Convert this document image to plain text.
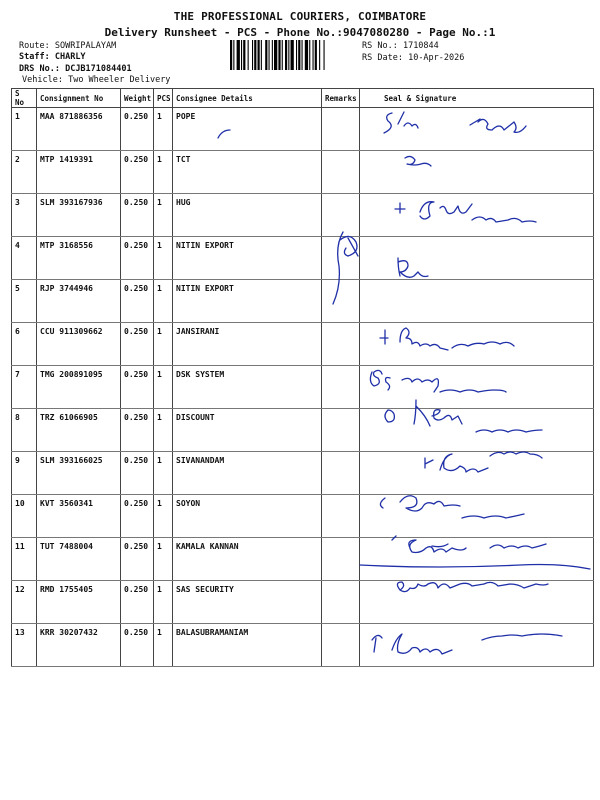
THE PROFESSIONAL COURIERS, COIMBATORE
Delivery Runsheet - PCS - Phone No.:9047080280 - Page No.:1
Route: SOWRIPALAYAM
Staff: CHARLY
DRS No.: DCJB171084401
Vehicle: Two Wheeler Delivery
RS No.: 1710844
RS Date: 10-Apr-2026
S No	Consignment No	Weight	PCS	Consignee Details	Remarks	Seal & Signature
1	MAA 871886356	0.250	1	POPE		
2	MTP 1419391	0.250	1	TCT		
3	SLM 393167936	0.250	1	HUG		
4	MTP 3168556	0.250	1	NITIN EXPORT		
5	RJP 3744946	0.250	1	NITIN EXPORT		
6	CCU 911309662	0.250	1	JANSIRANI		
7	TMG 200891095	0.250	1	DSK SYSTEM		
8	TRZ 61066905	0.250	1	DISCOUNT		
9	SLM 393166025	0.250	1	SIVANANDAM		
10	KVT 3560341	0.250	1	SOYON		
11	TUT 7488004	0.250	1	KAMALA KANNAN		
12	RMD 1755405	0.250	1	SAS SECURITY		
13	KRR 30207432	0.250	1	BALASUBRAMANIAM		
